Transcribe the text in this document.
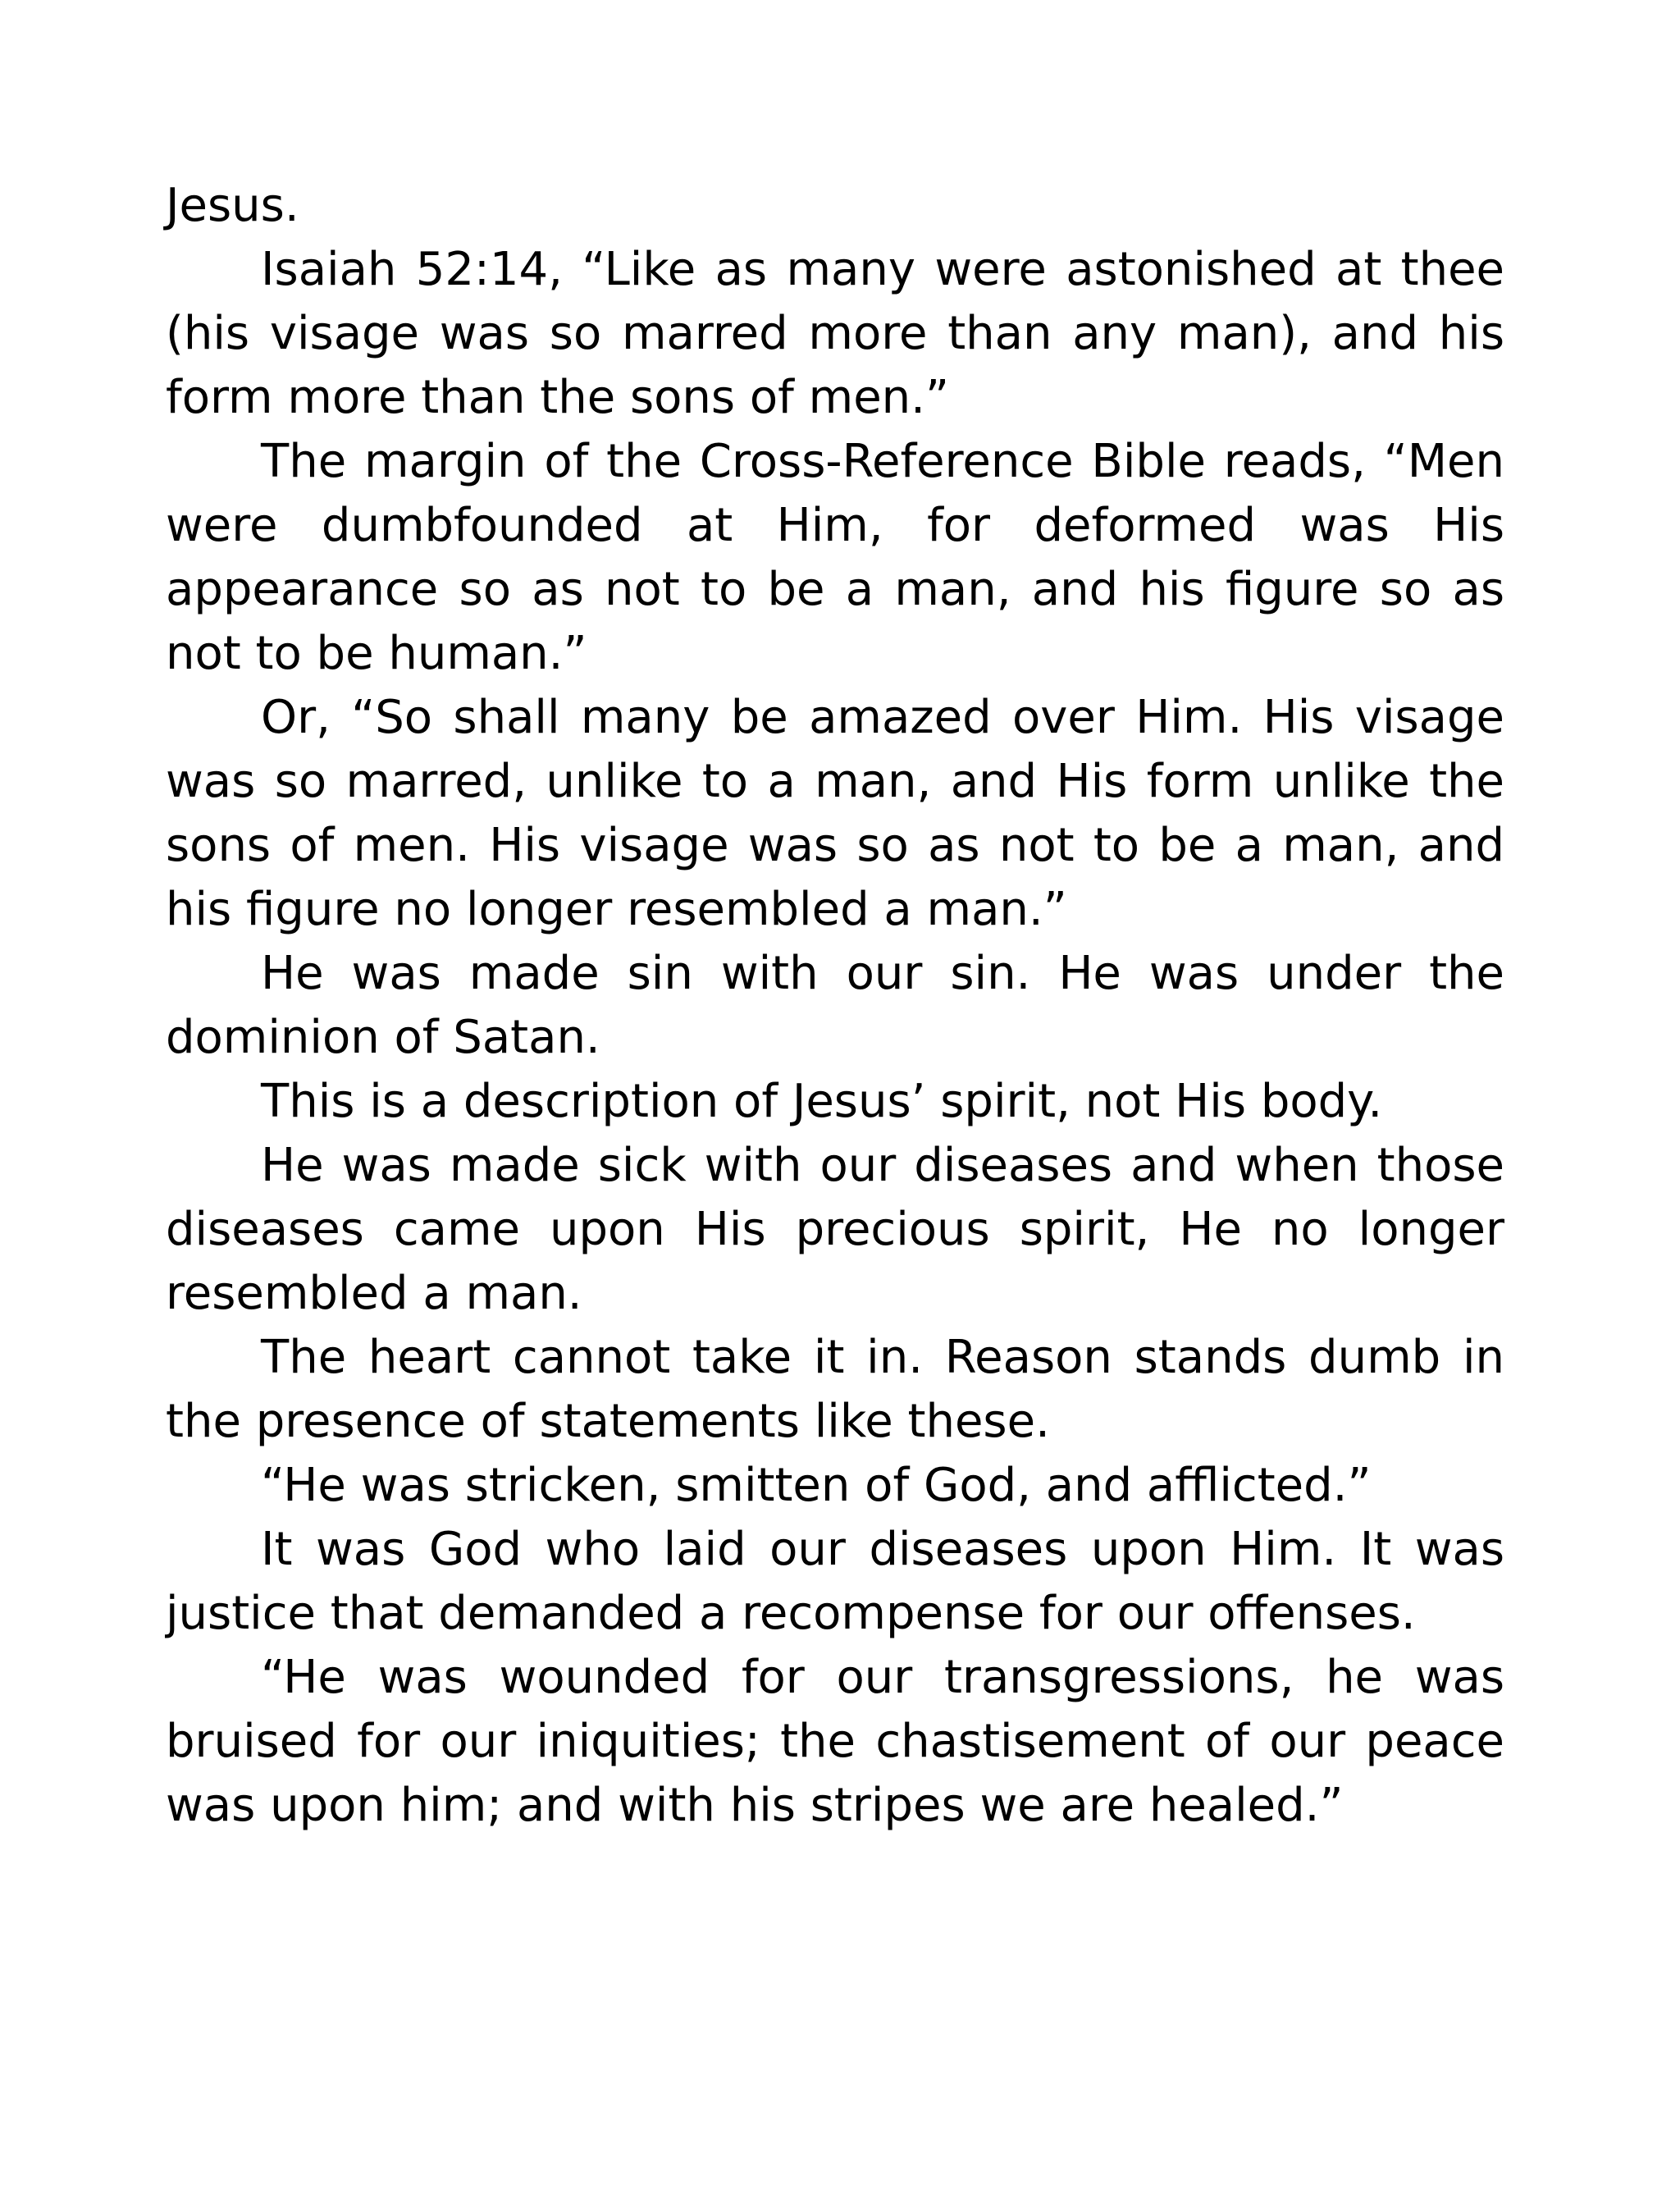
Jesus.

Isaiah 52:14, “Like as many were astonished at thee (his visage was so marred more than any man), and his form more than the sons of men.”

The margin of the Cross-Reference Bible reads, “Men were dumbfounded at Him, for deformed was His appearance so as not to be a man, and his figure so as not to be human.”

Or, “So shall many be amazed over Him. His visage was so marred, unlike to a man, and His form unlike the sons of men. His visage was so as not to be a man, and his figure no longer resembled a man.”

He was made sin with our sin. He was under the dominion of Satan.

This is a description of Jesus’ spirit, not His body.

He was made sick with our diseases and when those diseases came upon His precious spirit, He no longer resembled a man.

The heart cannot take it in. Reason stands dumb in the presence of statements like these.

“He was stricken, smitten of God, and afflicted.”

It was God who laid our diseases upon Him. It was justice that demanded a recompense for our offenses.

“He was wounded for our transgressions, he was bruised for our iniquities; the chastisement of our peace was upon him; and with his stripes we are healed.”
